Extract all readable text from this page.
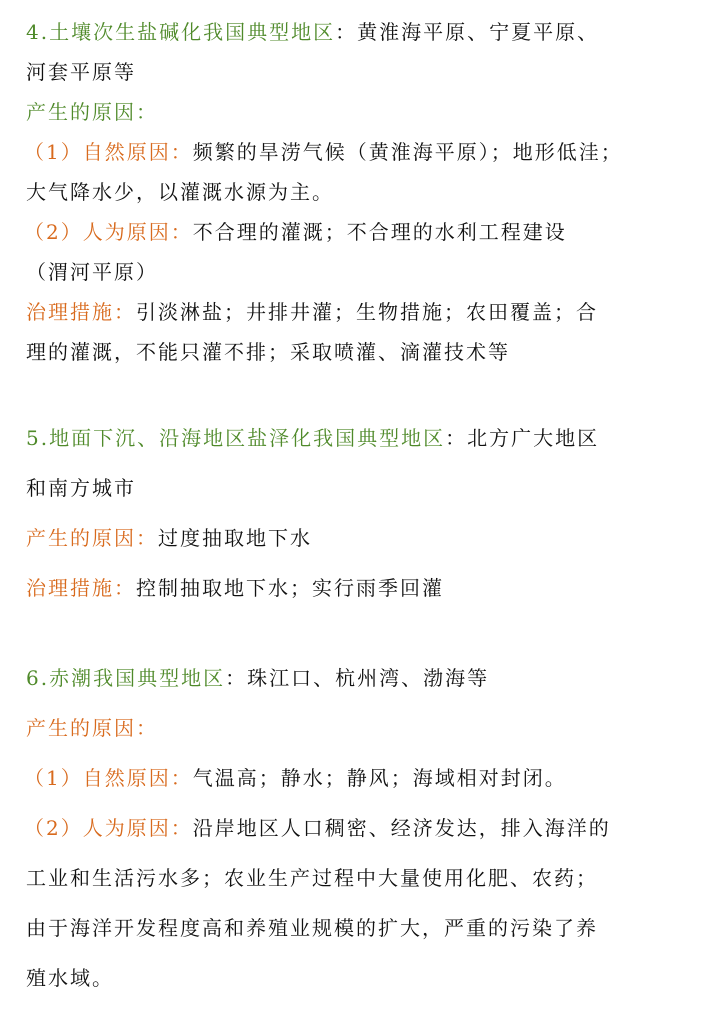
4.土壤次生盐碱化我国典型地区：黄淮海平原、宁夏平原、
河套平原等
产生的原因：
（1）自然原因：频繁的旱涝气候（黄淮海平原）；地形低洼；
大气降水少，以灌溉水源为主。
（2）人为原因：不合理的灌溉；不合理的水利工程建设
（渭河平原）
治理措施：引淡淋盐；井排井灌；生物措施；农田覆盖；合
理的灌溉，不能只灌不排；采取喷灌、滴灌技术等
5.地面下沉、沿海地区盐泽化我国典型地区：北方广大地区
和南方城市
产生的原因：过度抽取地下水
治理措施：控制抽取地下水；实行雨季回灌
6.赤潮我国典型地区：珠江口、杭州湾、渤海等
产生的原因：
（1）自然原因：气温高；静水；静风；海域相对封闭。
（2）人为原因：沿岸地区人口稠密、经济发达，排入海洋的
工业和生活污水多；农业生产过程中大量使用化肥、农药；
由于海洋开发程度高和养殖业规模的扩大，严重的污染了养
殖水域。
